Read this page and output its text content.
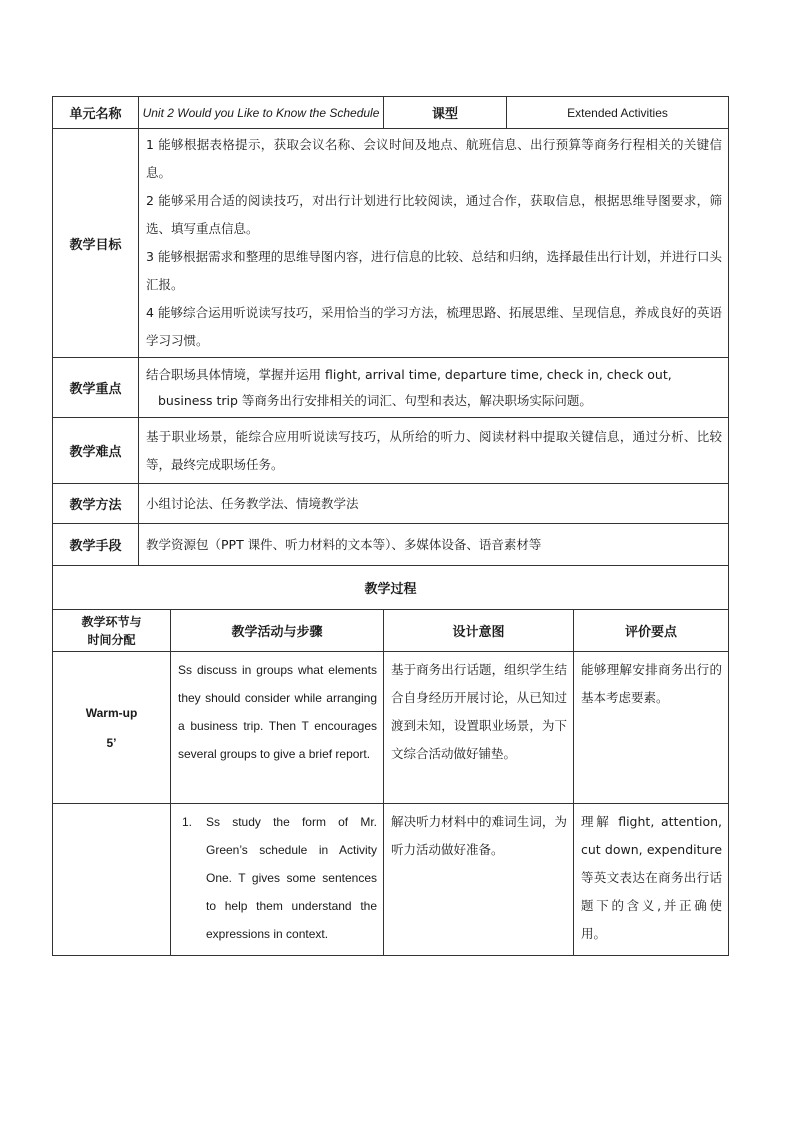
单元名称	Unit 2 Would you Like to Know the Schedule		课型	Extended Activities	
教学目标	1 能够根据表格提示，获取会议名称、会议时间及地点、航班信息、出行预算等商务行程相关的关键信息。
2 能够采用合适的阅读技巧，对出行计划进行比较阅读，通过合作，获取信息，根据思维导图要求，筛选、填写重点信息。
3 能够根据需求和整理的思维导图内容，进行信息的比较、总结和归纳，选择最佳出行计划，并进行口头汇报。
4 能够综合运用听说读写技巧，采用恰当的学习方法，梳理思路、拓展思维、呈现信息，养成良好的英语学习习惯。				

教学重点	结合职场具体情境，掌握并运用 flight, arrival time, departure time, check in, check out,
business trip 等商务出行安排相关的词汇、句型和表达，解决职场实际问题。				

教学难点	基于职业场景，能综合应用听说读写技巧，从所给的听力、阅读材料中提取关键信息，通过分析、比较等，最终完成职场任务。				
教学方法	小组讨论法、任务教学法、情境教学法				
教学手段	教学资源包（PPT 课件、听力材料的文本等）、多媒体设备、语音素材等				
教学过程					

教学环节与
时间分配		教学活动与步骤	设计意图		评价要点

Warm-up
5’		Ss discuss in groups what elements they should consider while arranging a business trip. Then T encourages several groups to give a brief report.	基于商务出行话题，组织学生结合自身经历开展讨论，从已知过渡到未知，设置职业场景，为下文综合活动做好铺垫。		能够理解安排商务出行的基本考虑要素。

		1. Ss study the form of Mr. Green’s schedule in Activity One. T gives some sentences to help them understand the expressions in context.	解决听力材料中的难词生词，为听力活动做好准备。		理解 flight, attention, cut down, expenditure 等英文表达在商务出行话题下的含义,并正确使用。
